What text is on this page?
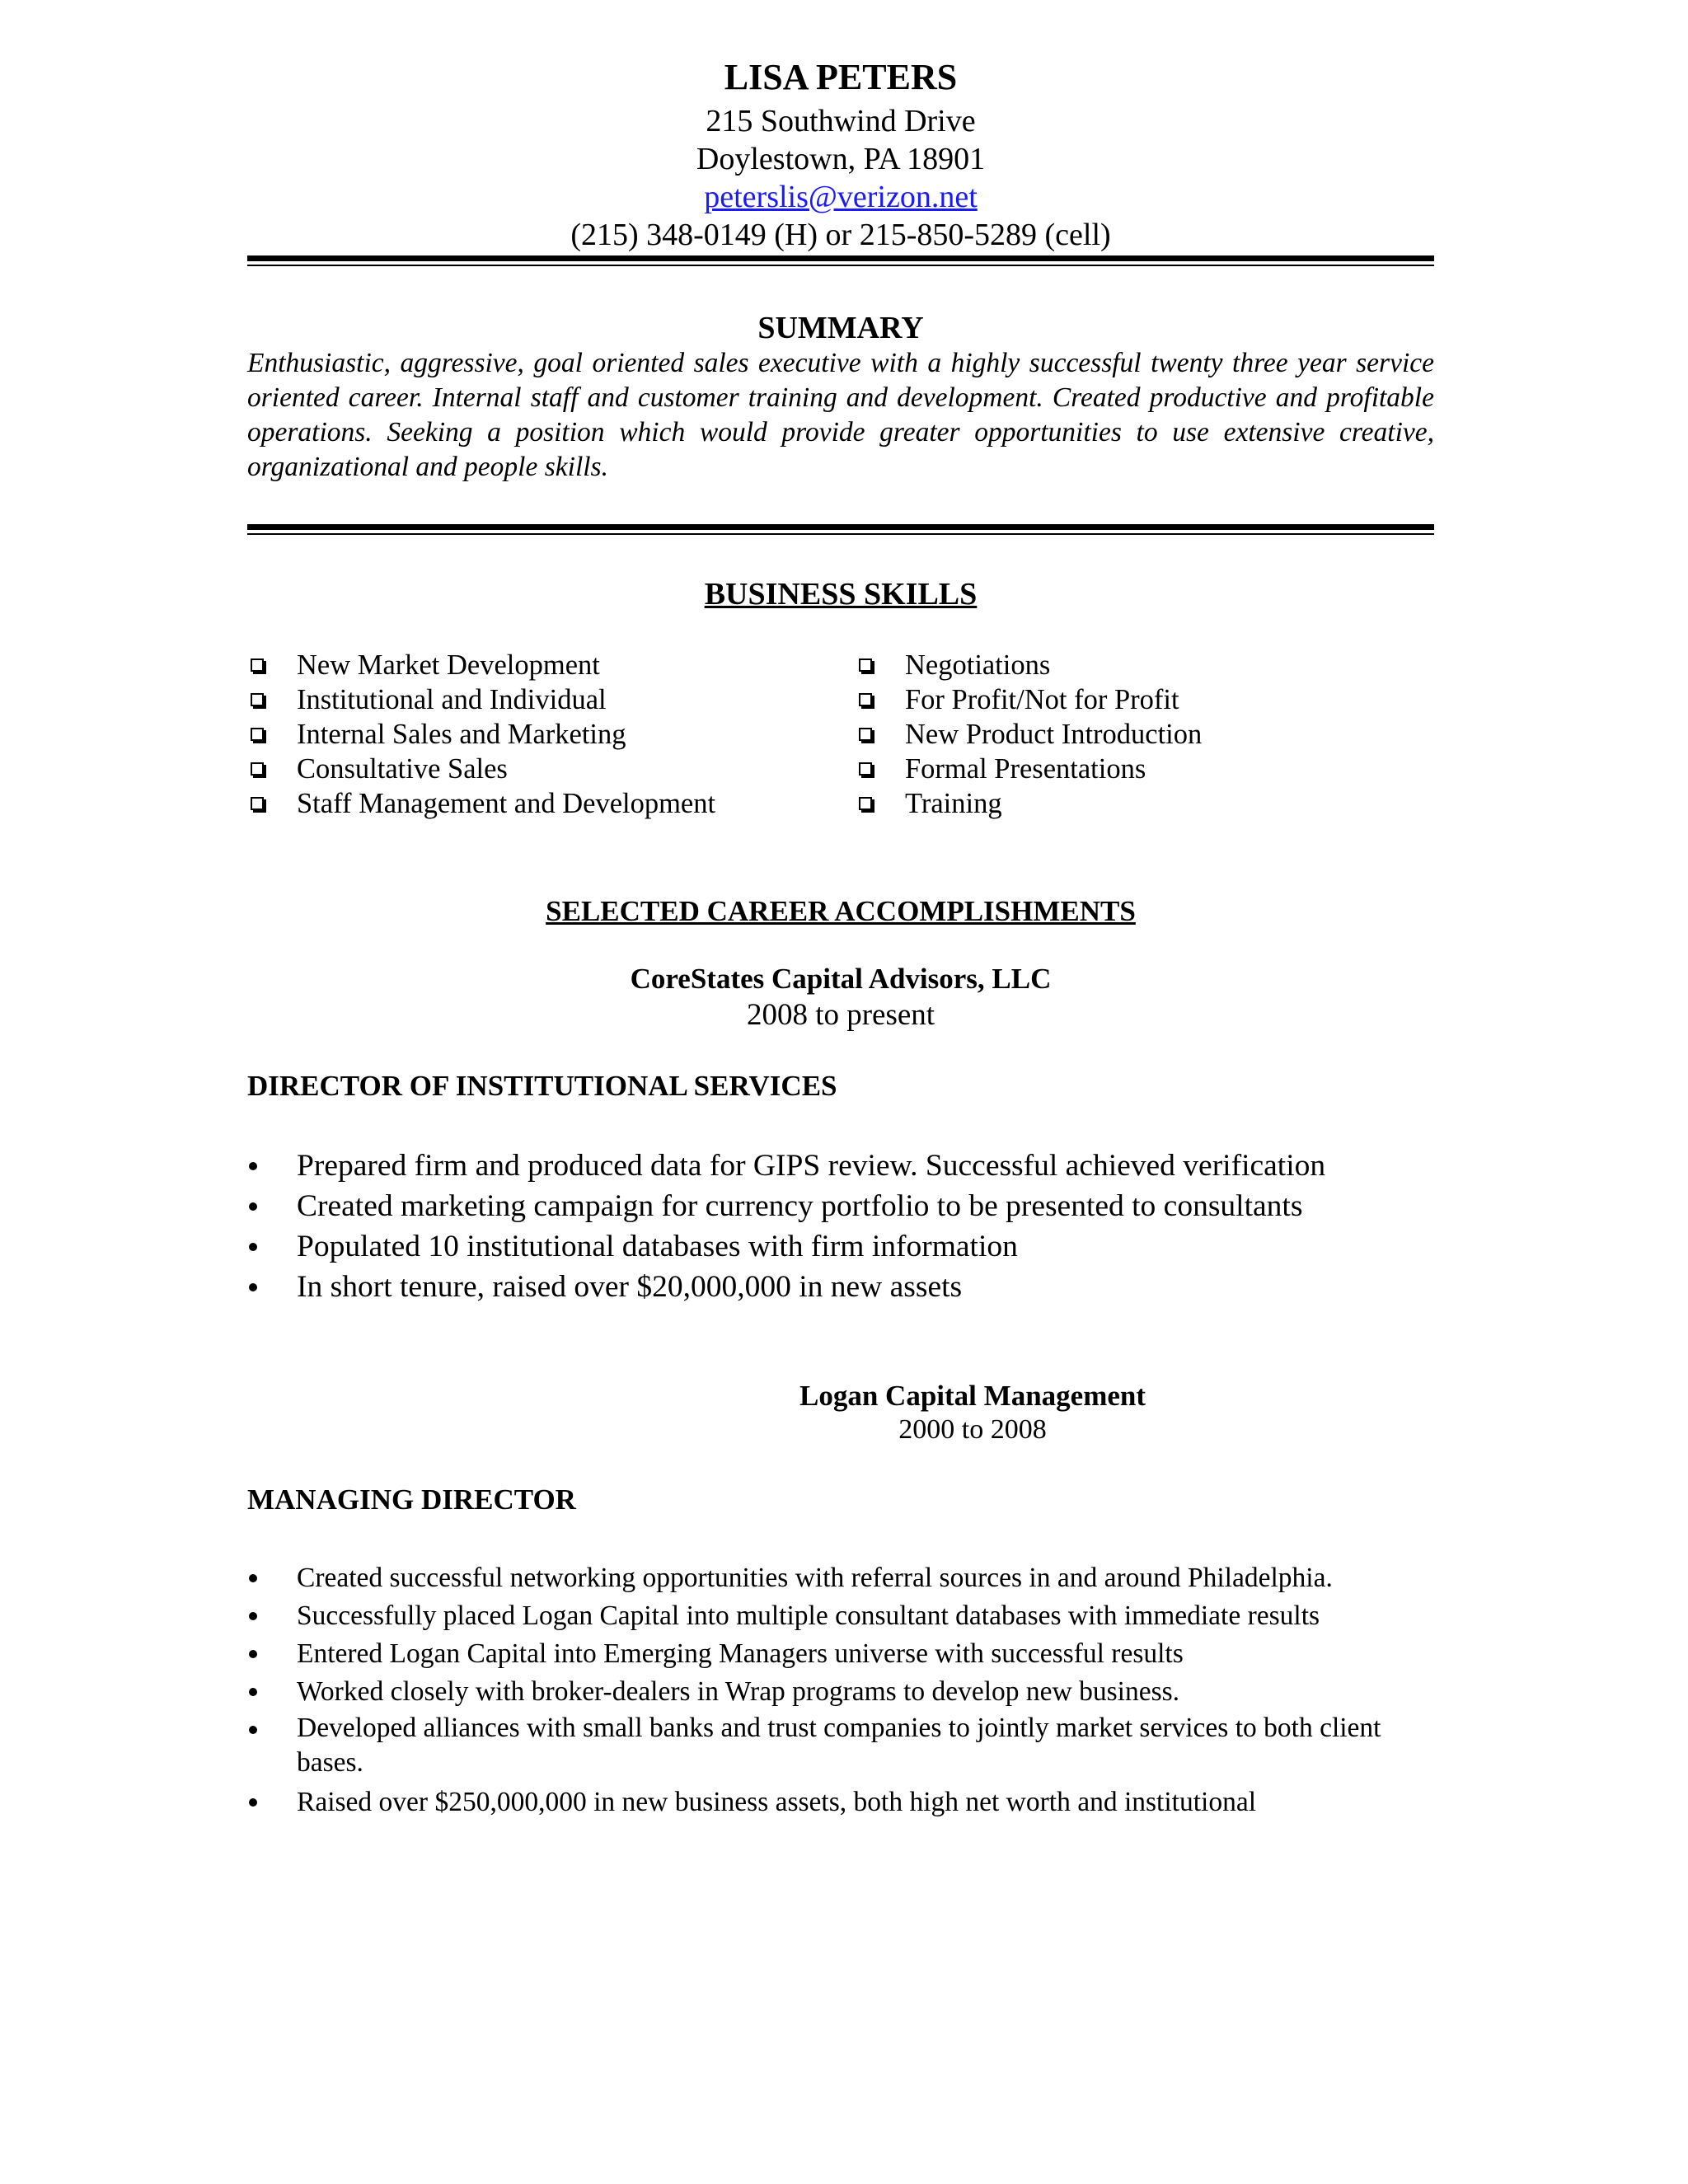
LISA PETERS
215 Southwind Drive
Doylestown, PA 18901
peterslis@verizon.net
(215) 348-0149 (H) or 215-850-5289 (cell)
SUMMARY

Enthusiastic, aggressive, goal oriented sales executive with a highly successful twenty three year service oriented career. Internal staff and customer training and development. Created productive and profitable operations. Seeking a position which would provide greater opportunities to use extensive creative, organizational and people skills.

BUSINESS SKILLS
New Market Development
Institutional and Individual
Internal Sales and Marketing
Consultative Sales
Staff Management and Development
Negotiations
For Profit/Not for Profit
New Product Introduction
Formal Presentations
Training
SELECTED CAREER ACCOMPLISHMENTS
CoreStates Capital Advisors, LLC
2008 to present
DIRECTOR OF INSTITUTIONAL SERVICES
Prepared firm and produced data for GIPS review. Successful achieved verification
Created marketing campaign for currency portfolio to be presented to consultants
Populated 10 institutional databases with firm information
In short tenure, raised over $20,000,000 in new assets
Logan Capital Management
2000 to 2008
MANAGING DIRECTOR
Created successful networking opportunities with referral sources in and around Philadelphia.
Successfully placed Logan Capital into multiple consultant databases with immediate results
Entered Logan Capital into Emerging Managers universe with successful results
Worked closely with broker-dealers in Wrap programs to develop new business.
Developed alliances with small banks and trust companies to jointly market services to both client bases.
Raised over $250,000,000 in new business assets, both high net worth and institutional
